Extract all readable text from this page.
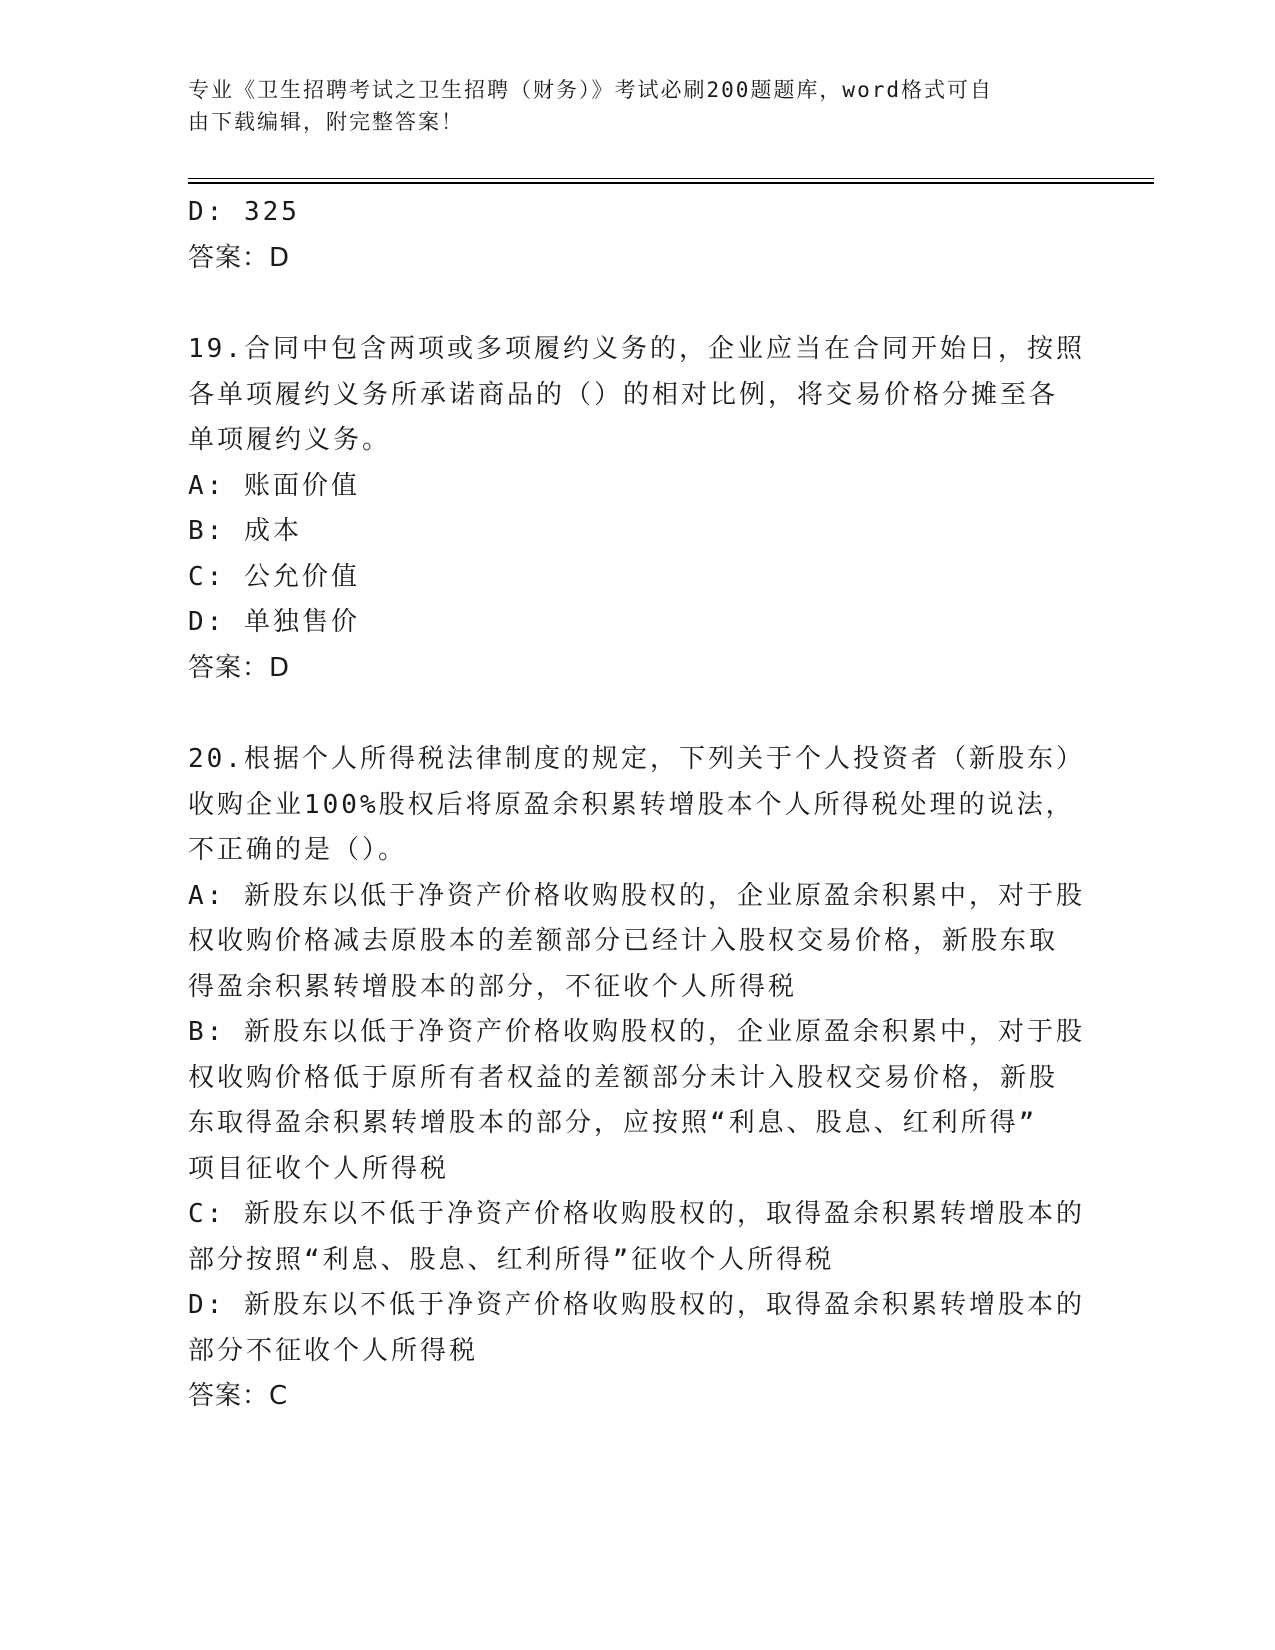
专业《卫生招聘考试之卫生招聘（财务）》考试必刷200题题库，word格式可自
由下载编辑，附完整答案！
D: 325
答案：D
19.合同中包含两项或多项履约义务的，企业应当在合同开始日，按照
各单项履约义务所承诺商品的（）的相对比例，将交易价格分摊至各
单项履约义务。
A: 账面价值
B: 成本
C: 公允价值
D: 单独售价
答案：D
20.根据个人所得税法律制度的规定，下列关于个人投资者（新股东）
收购企业100%股权后将原盈余积累转增股本个人所得税处理的说法，
不正确的是（）。
A: 新股东以低于净资产价格收购股权的，企业原盈余积累中，对于股
权收购价格减去原股本的差额部分已经计入股权交易价格，新股东取
得盈余积累转增股本的部分，不征收个人所得税
B: 新股东以低于净资产价格收购股权的，企业原盈余积累中，对于股
权收购价格低于原所有者权益的差额部分未计入股权交易价格，新股
东取得盈余积累转增股本的部分，应按照“利息、股息、红利所得”
项目征收个人所得税
C: 新股东以不低于净资产价格收购股权的，取得盈余积累转增股本的
部分按照“利息、股息、红利所得”征收个人所得税
D: 新股东以不低于净资产价格收购股权的，取得盈余积累转增股本的
部分不征收个人所得税
答案：C
